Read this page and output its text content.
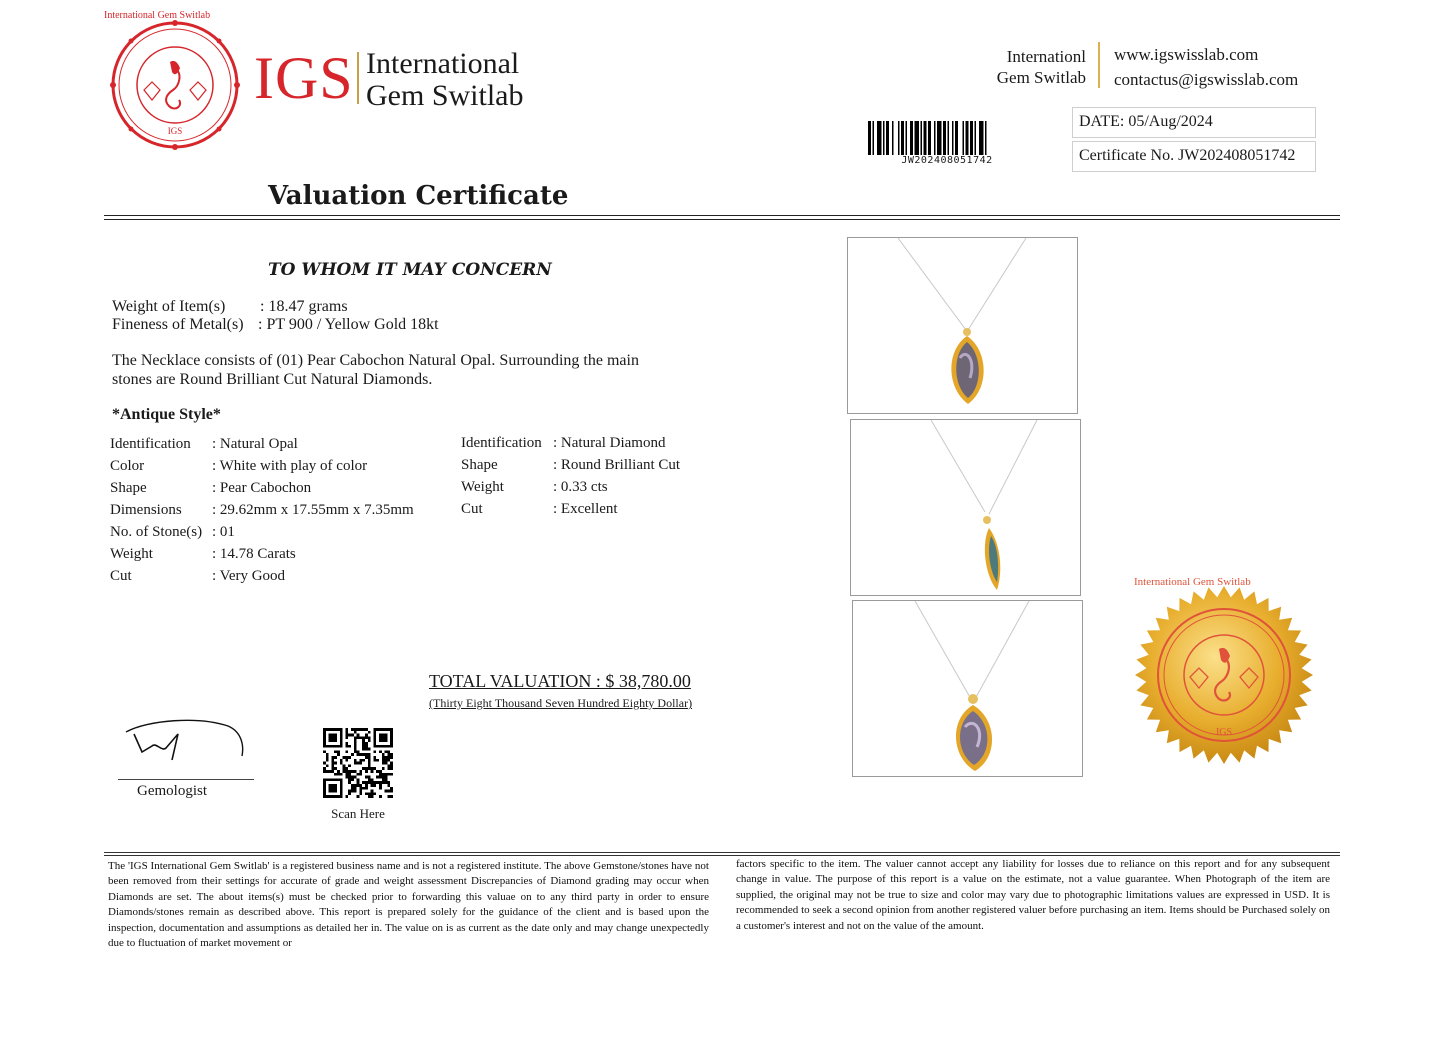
International Gem Switlab
IGS
IGS International
Gem Switlab
Internationl
Gem Switlab
www.igswisslab.com
contactus@igswisslab.com
JW202408051742
DATE: 05/Aug/2024
Certificate No. JW202408051742
Valuation Certificate
TO WHOM IT MAY CONCERN
Weight of Item(s) : 18.47 grams
Fineness of Metal(s) : PT 900 / Yellow Gold 18kt
The Necklace consists of (01) Pear Cabochon Natural Opal. Surrounding the main
stones are Round Brilliant Cut Natural Diamonds.
*Antique Style*
Identification : Natural Opal
Color	: White with play of color
Shape	: Pear Cabochon
Dimensions : 29.62mm x 17.55mm x 7.35mm
No. of Stone(s) : 01
Weight	: 14.78 Carats
Cut	: Very Good
Identification : Natural Diamond
Shape	: Round Brilliant Cut
Weight	: 0.33 cts
Cut	: Excellent
TOTAL VALUATION : $ 38,780.00
(Thirty Eight Thousand Seven Hundred Eighty Dollar)
Gemologist
Scan Here
International Gem Switlab
IGS
The 'IGS International Gem Switlab' is a registered business name and is not a registered institute. The above Gemstone/stones have not been removed from their settings for accurate of grade and weight assessment Discrepancies of Diamond grading may occur when Diamonds are set. The about items(s) must be checked prior to forwarding this valuae on to any third party in order to ensure Diamonds/stones remain as described above. This report is prepared solely for the guidance of the client and is based upon the inspection, documentation and assumptions as detailed her in. The value on is as current as the date only and may change unexpectedly due to fluctuation of market movement or
factors specific to the item. The valuer cannot accept any liability for losses due to reliance on this report and for any subsequent change in value. The purpose of this report is a value on the estimate, not a value guarantee. When Photograph of the item are supplied, the original may not be true to size and color may vary due to photographic limitations values are expressed in USD. It is recommended to seek a second opinion from another registered valuer before purchasing an item. Items should be Purchased solely on a customer's interest and not on the value of the amount.
